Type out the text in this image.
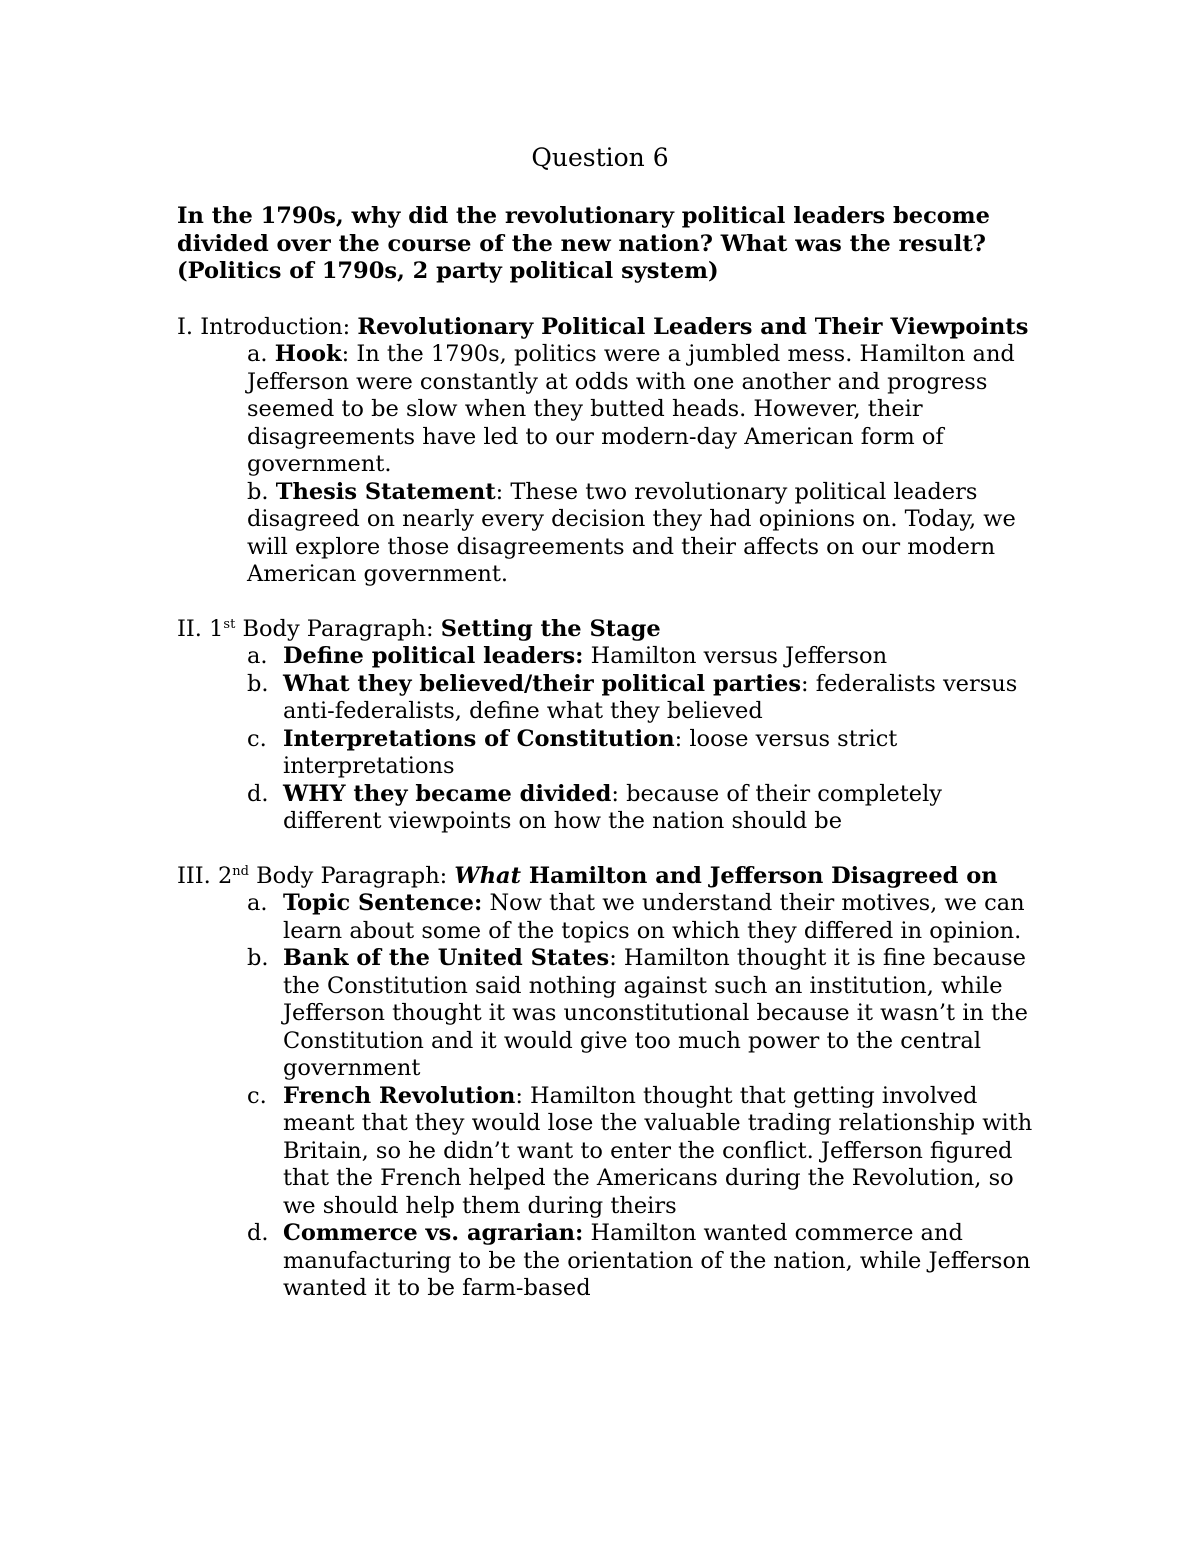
Question 6
In the 1790s, why did the revolutionary political leaders become divided over the course of the new nation? What was the result? (Politics of 1790s, 2 party political system)
I. Introduction: Revolutionary Political Leaders and Their Viewpoints
a. Hook: In the 1790s, politics were a jumbled mess. Hamilton and Jefferson were constantly at odds with one another and progress seemed to be slow when they butted heads. However, their disagreements have led to our modern-day American form of government.
b. Thesis Statement: These two revolutionary political leaders disagreed on nearly every decision they had opinions on. Today, we will explore those disagreements and their affects on our modern American government.
II. 1st Body Paragraph: Setting the Stage
a. Define political leaders: Hamilton versus Jefferson
b. What they believed/their political parties: federalists versus anti-federalists, define what they believed
c. Interpretations of Constitution: loose versus strict interpretations
d. WHY they became divided: because of their completely different viewpoints on how the nation should be
III. 2nd Body Paragraph: What Hamilton and Jefferson Disagreed on
a. Topic Sentence: Now that we understand their motives, we can learn about some of the topics on which they differed in opinion.
b. Bank of the United States: Hamilton thought it is fine because the Constitution said nothing against such an institution, while Jefferson thought it was unconstitutional because it wasn’t in the Constitution and it would give too much power to the central government
c. French Revolution: Hamilton thought that getting involved meant that they would lose the valuable trading relationship with Britain, so he didn’t want to enter the conflict. Jefferson figured that the French helped the Americans during the Revolution, so we should help them during theirs
d. Commerce vs. agrarian: Hamilton wanted commerce and manufacturing to be the orientation of the nation, while Jefferson wanted it to be farm-based
